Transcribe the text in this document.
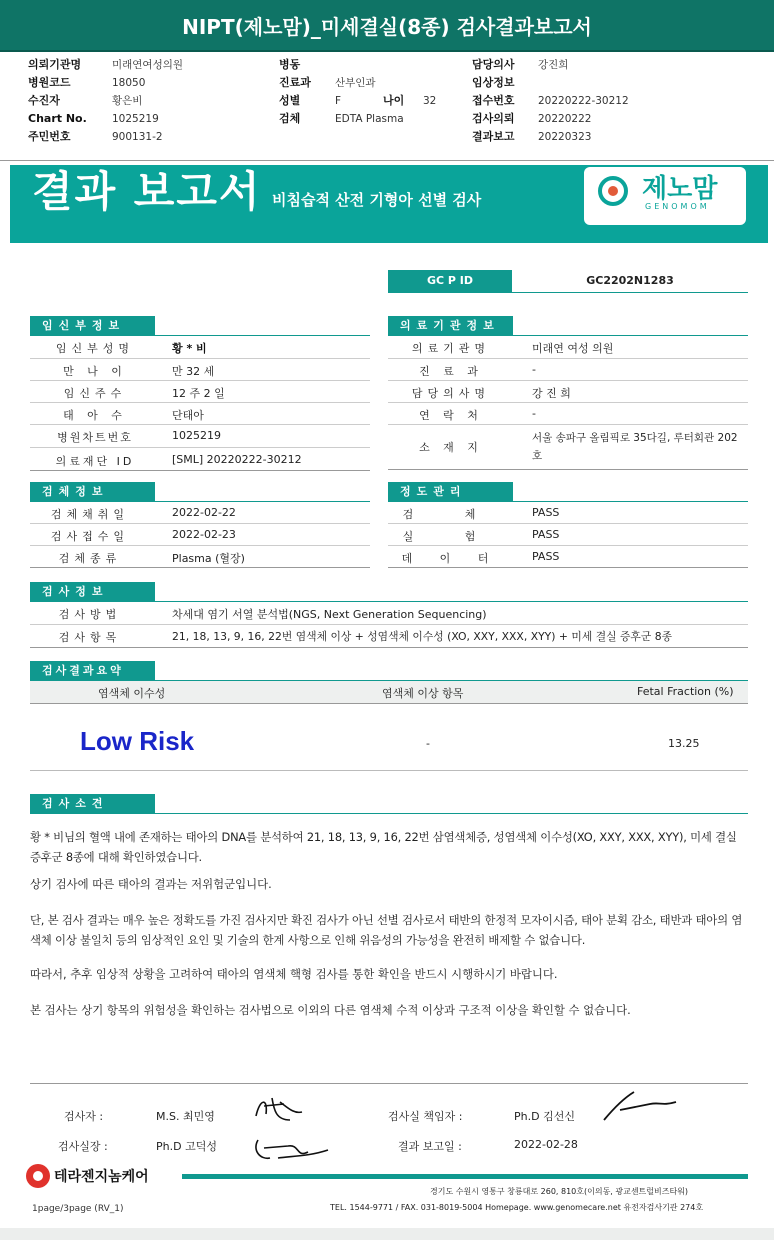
NIPT(제노맘)_미세결실(8종) 검사결과보고서
의뢰기관명	미래연여성의원
병원코드	18050
수진자	황은비
Chart No. 1025219
주민번호	900131-2
병동
진료과 산부인과
성별	F	나이 32
검체	EDTA Plasma
담당의사 강진희
임상정보
접수번호 20220222-30212
검사의뢰 20220222
결과보고 20220323
결과 보고서 비침습적 산전 기형아 선별 검사	제노맘
GENOMOM
GC P ID	GC2202N1283
임신부정보
임신부성명	황 * 비
만 나 이	만 32 세
임신주수	12 주 2 일
태 아 수	단태아
병원차트번호	1025219
의료재단 ID	[SML] 20220222-30212
의료기관정보
의료기관명	미래연 여성 의원
진 료 과	-
담당의사명	강 진 희
연 락 처	-
소 재 지
서울 송파구 올림픽로 35다길, 루터회관 202 호
검체정보
검체채취일	2022-02-22
검사접수일	2022-02-23
검체종류	Plasma (혈장)
정도관리
검 체	PASS
실 험	PASS
데 이 터	PASS
검사정보
검사방법	차세대 염기 서열 분석법(NGS, Next Generation Sequencing)
검사항목	21, 18, 13, 9, 16, 22번 염색체 이상 + 성염색체 이수성 (XO, XXY, XXX, XYY) + 미세 결실 증후군 8종
검사결과요약
염색체 이수성	염색체 이상 항목	Fetal Fraction (%)
Low Risk	-	13.25
검사소견
황 * 비님의 혈액 내에 존재하는 태아의 DNA를 분석하여 21, 18, 13, 9, 16, 22번 삼염색체증, 성염색체 이수성(XO, XXY, XXX, XYY), 미세 결실 증후군 8종에 대해 확인하였습니다.
상기 검사에 따른 태아의 결과는 저위험군입니다.
단, 본 검사 결과는 매우 높은 정확도를 가진 검사지만 확진 검사가 아닌 선별 검사로서 태반의 한정적 모자이시즘, 태아 분획 감소, 태반과 태아의 염색체 이상 불일치 등의 임상적인 요인 및 기술의 한계 사항으로 인해 위음성의 가능성을 완전히 배제할 수 없습니다.
따라서, 추후 임상적 상황을 고려하여 태아의 염색체 핵형 검사를 통한 확인을 반드시 시행하시기 바랍니다.
본 검사는 상기 항목의 위험성을 확인하는 검사법으로 이외의 다른 염색체 수적 이상과 구조적 이상을 확인할 수 없습니다.
검사자 :	M.S. 최민영
검사실장 :	Ph.D 고덕성
검사실 책임자 :	Ph.D 김선신
결과 보고일 :	2022-02-28
테라젠지놈케어
경기도 수원시 영통구 창룡대로 260, 810호(이의동, 광교센트럴비즈타워)
TEL. 1544-9771 / FAX. 031-8019-5004 Homepage. www.genomecare.net 유전자검사기관 274호
1page/3page (RV_1)
